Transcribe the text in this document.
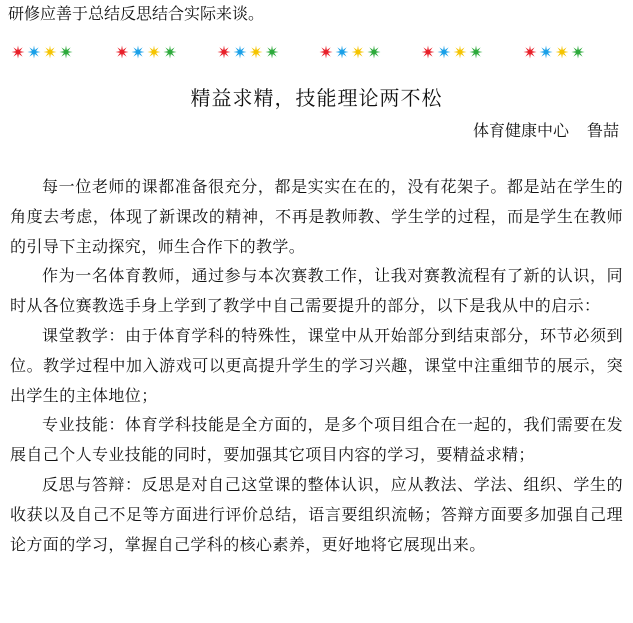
研修应善于总结反思结合实际来谈。
精益求精，技能理论两不松
体育健康中心 鲁喆

每一位老师的课都准备很充分，都是实实在在的，没有花架子。都是站在学生的角度去考虑，体现了新课改的精神，不再是教师教、学生学的过程，而是学生在教师的引导下主动探究，师生合作下的教学。

作为一名体育教师，通过参与本次赛教工作，让我对赛教流程有了新的认识，同时从各位赛教选手身上学到了教学中自己需要提升的部分，以下是我从中的启示：

课堂教学：由于体育学科的特殊性，课堂中从开始部分到结束部分，环节必须到位。教学过程中加入游戏可以更高提升学生的学习兴趣，课堂中注重细节的展示，突出学生的主体地位；

专业技能：体育学科技能是全方面的，是多个项目组合在一起的，我们需要在发展自己个人专业技能的同时，要加强其它项目内容的学习，要精益求精；

反思与答辩：反思是对自己这堂课的整体认识，应从教法、学法、组织、学生的收获以及自己不足等方面进行评价总结，语言要组织流畅；答辩方面要多加强自己理论方面的学习，掌握自己学科的核心素养，更好地将它展现出来。
